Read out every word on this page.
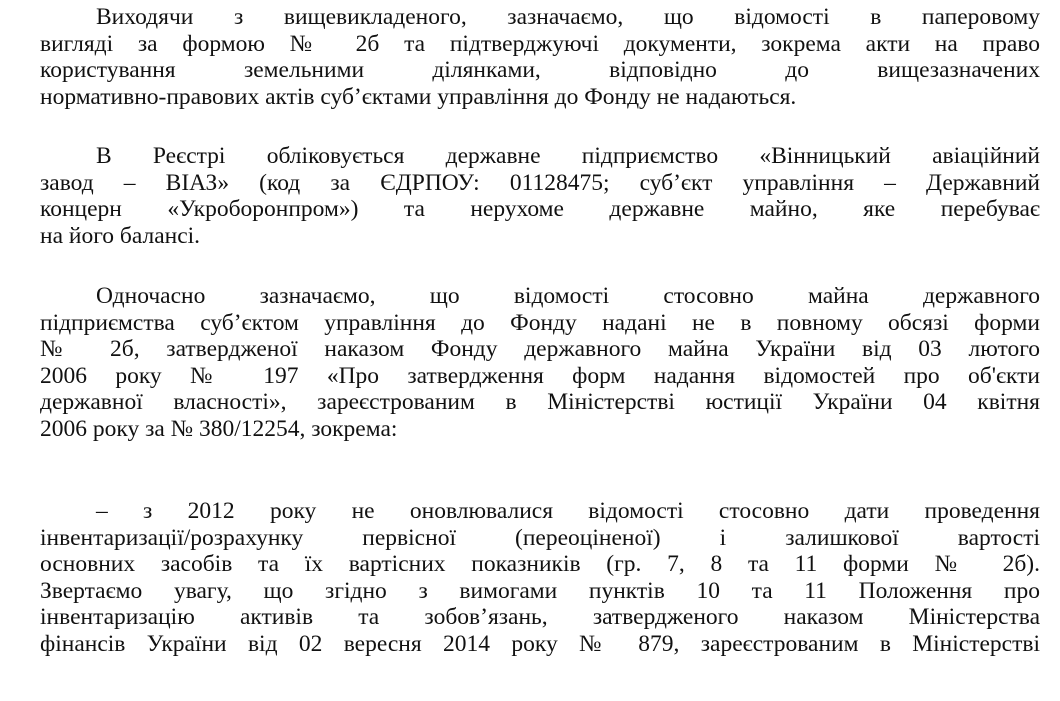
Виходячи з вищевикладеного, зазначаємо, що відомості в паперовому
вигляді за формою № 2б та підтверджуючі документи, зокрема акти на право
користування земельними ділянками, відповідно до вищезазначених
нормативно-правових актів суб’єктами управління до Фонду не надаються.
В Реєстрі обліковується державне підприємство «Вінницький авіаційний
завод – ВІАЗ» (код за ЄДРПОУ: 01128475; суб’єкт управління – Державний
концерн «Укроборонпром») та нерухоме державне майно, яке перебуває
на його балансі.
Одночасно зазначаємо, що відомості стосовно майна державного
підприємства суб’єктом управління до Фонду надані не в повному обсязі форми
№ 2б, затвердженої наказом Фонду державного майна України від 03 лютого
2006 року № 197 «Про затвердження форм надання відомостей про об'єкти
державної власності», зареєстрованим в Міністерстві юстиції України 04 квітня
2006 року за № 380/12254, зокрема:
– з 2012 року не оновлювалися відомості стосовно дати проведення
інвентаризації/розрахунку первісної (переоціненої) і залишкової вартості
основних засобів та їх вартісних показників (гр. 7, 8 та 11 форми № 2б).
Звертаємо увагу, що згідно з вимогами пунктів 10 та 11 Положення про
інвентаризацію активів та зобов’язань, затвердженого наказом Міністерства
фінансів України від 02 вересня 2014 року № 879, зареєстрованим в Міністерстві
